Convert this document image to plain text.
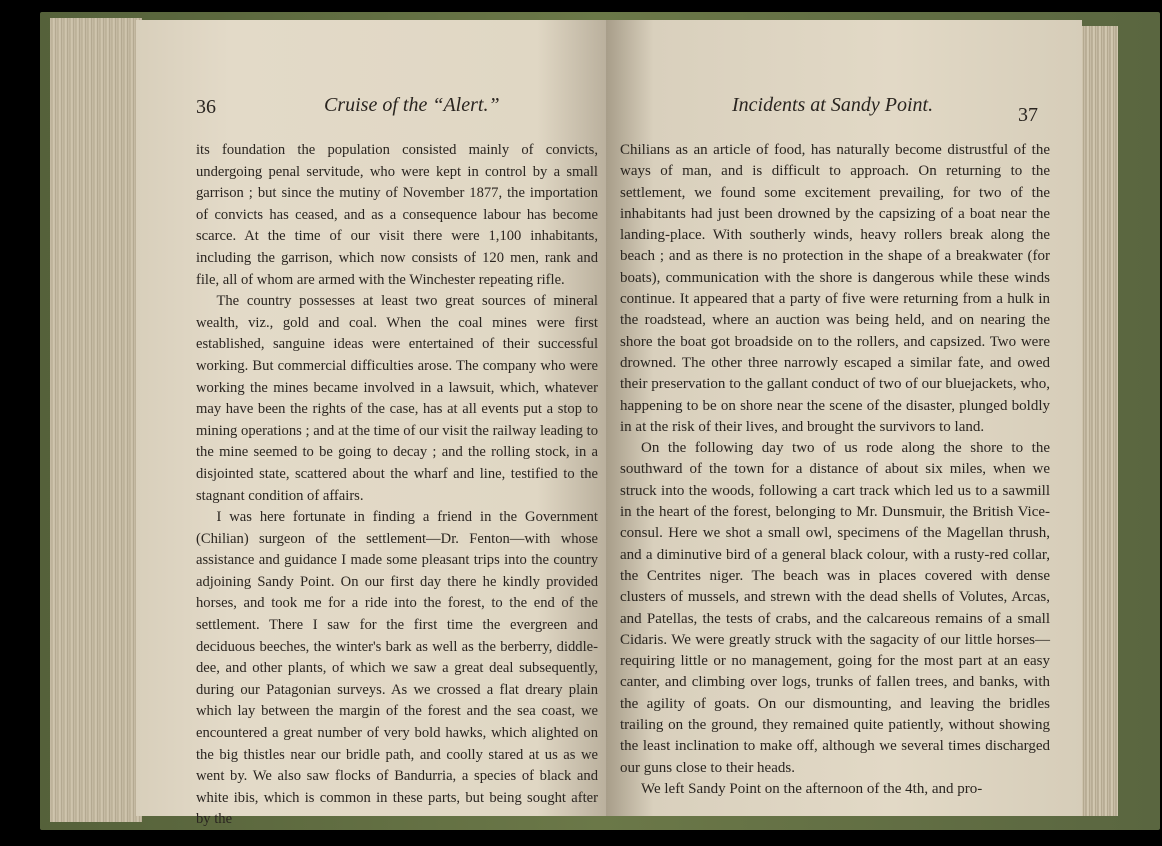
36	Cruise of the “Alert.”

its foundation the population consisted mainly of convicts, undergoing penal servitude, who were kept in control by a small garrison ; but since the mutiny of November 1877, the importation of convicts has ceased, and as a consequence labour has become scarce. At the time of our visit there were 1,100 inhabitants, including the garrison, which now consists of 120 men, rank and file, all of whom are armed with the Winchester repeating rifle.

The country possesses at least two great sources of mineral wealth, viz., gold and coal. When the coal mines were first established, sanguine ideas were entertained of their successful working. But commercial difficulties arose. The company who were working the mines became involved in a lawsuit, which, whatever may have been the rights of the case, has at all events put a stop to mining operations ; and at the time of our visit the railway leading to the mine seemed to be going to decay ; and the rolling stock, in a disjointed state, scattered about the wharf and line, testified to the stagnant condition of affairs.

I was here fortunate in finding a friend in the Government (Chilian) surgeon of the settlement—Dr. Fenton—with whose assistance and guidance I made some pleasant trips into the country adjoining Sandy Point. On our first day there he kindly provided horses, and took me for a ride into the forest, to the end of the settlement. There I saw for the first time the evergreen and deciduous beeches, the winter's bark as well as the berberry, diddle-dee, and other plants, of which we saw a great deal subsequently, during our Patagonian surveys. As we crossed a flat dreary plain which lay between the margin of the forest and the sea coast, we encountered a great number of very bold hawks, which alighted on the big thistles near our bridle path, and coolly stared at us as we went by. We also saw flocks of Bandurria, a species of black and white ibis, which is common in these parts, but being sought after by the

Incidents at Sandy Point.	37

Chilians as an article of food, has naturally become distrustful of the ways of man, and is difficult to approach. On returning to the settlement, we found some excitement prevailing, for two of the inhabitants had just been drowned by the capsizing of a boat near the landing-place. With southerly winds, heavy rollers break along the beach ; and as there is no protection in the shape of a breakwater (for boats), communication with the shore is dangerous while these winds continue. It appeared that a party of five were returning from a hulk in the roadstead, where an auction was being held, and on nearing the shore the boat got broadside on to the rollers, and capsized. Two were drowned. The other three narrowly escaped a similar fate, and owed their preservation to the gallant conduct of two of our bluejackets, who, happening to be on shore near the scene of the disaster, plunged boldly in at the risk of their lives, and brought the survivors to land.

On the following day two of us rode along the shore to the southward of the town for a distance of about six miles, when we struck into the woods, following a cart track which led us to a sawmill in the heart of the forest, belonging to Mr. Dunsmuir, the British Vice-consul. Here we shot a small owl, specimens of the Magellan thrush, and a diminutive bird of a general black colour, with a rusty-red collar, the Centrites niger. The beach was in places covered with dense clusters of mussels, and strewn with the dead shells of Volutes, Arcas, and Patellas, the tests of crabs, and the calcareous remains of a small Cidaris. We were greatly struck with the sagacity of our little horses—requiring little or no management, going for the most part at an easy canter, and climbing over logs, trunks of fallen trees, and banks, with the agility of goats. On our dismounting, and leaving the bridles trailing on the ground, they remained quite patiently, without showing the least inclination to make off, although we several times discharged our guns close to their heads.

We left Sandy Point on the afternoon of the 4th, and pro-
